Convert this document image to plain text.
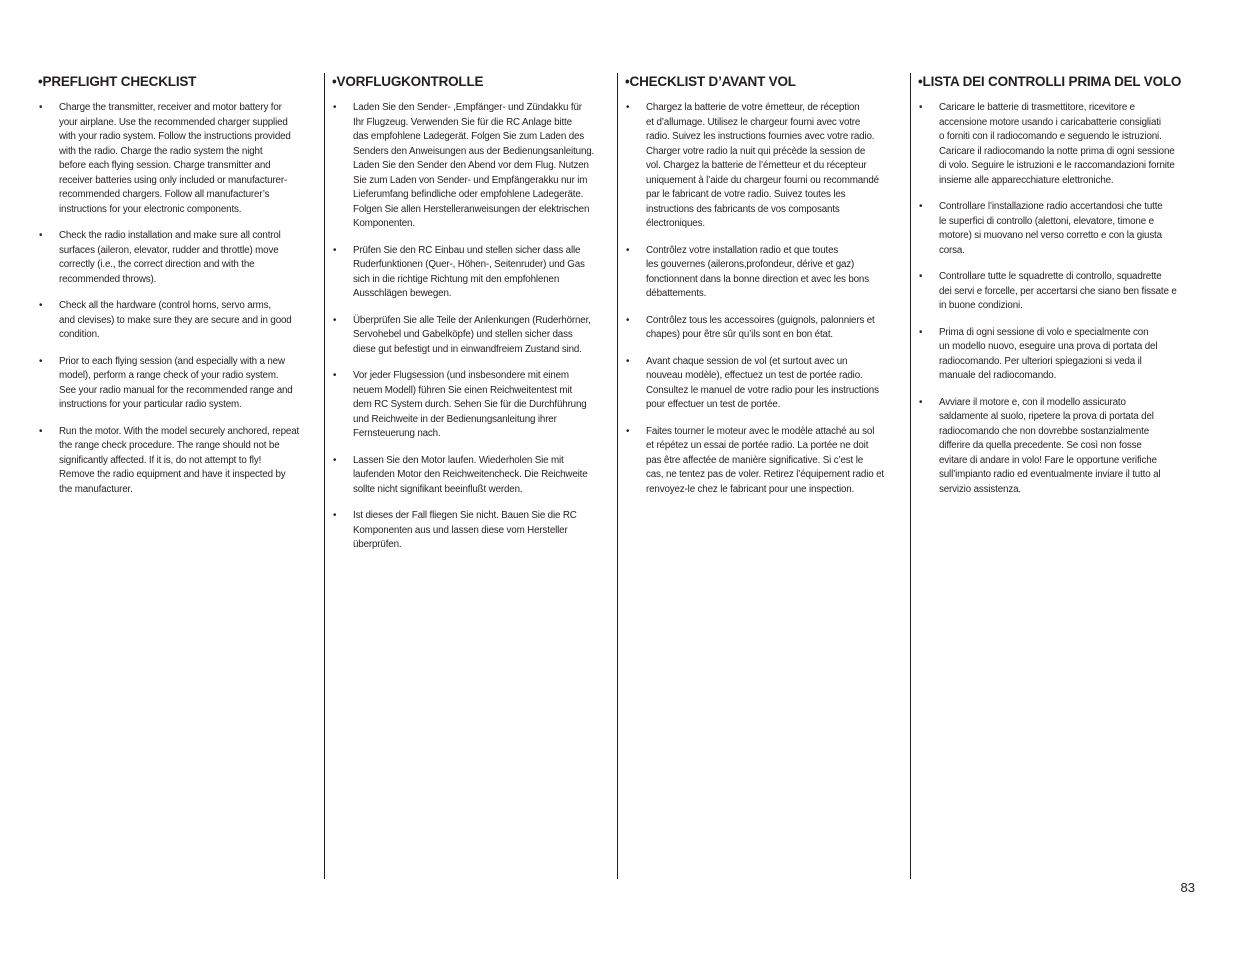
•PREFLIGHT CHECKLIST
• Charge the transmitter, receiver and motor battery for
your airplane. Use the recommended charger supplied
with your radio system. Follow the instructions provided
with the radio. Charge the radio system the night
before each flying session. Charge transmitter and
receiver batteries using only included or manufacturer-
recommended chargers. Follow all manufacturer’s
instructions for your electronic components.
• Check the radio installation and make sure all control
surfaces (aileron, elevator, rudder and throttle) move
correctly (i.e., the correct direction and with the
recommended throws).
• Check all the hardware (control horns, servo arms,
and clevises) to make sure they are secure and in good
condition.
• Prior to each flying session (and especially with a new
model), perform a range check of your radio system.
See your radio manual for the recommended range and
instructions for your particular radio system.
• Run the motor. With the model securely anchored, repeat
the range check procedure. The range should not be
significantly affected. If it is, do not attempt to fly!
Remove the radio equipment and have it inspected by
the manufacturer.
•VORFLUGKONTROLLE
• Laden Sie den Sender- ,Empfänger- und Zündakku für
Ihr Flugzeug. Verwenden Sie für die RC Anlage bitte
das empfohlene Ladegerät. Folgen Sie zum Laden des
Senders den Anweisungen aus der Bedienungsanleitung.
Laden Sie den Sender den Abend vor dem Flug. Nutzen
Sie zum Laden von Sender- und Empfängerakku nur im
Lieferumfang befindliche oder empfohlene Ladegeräte.
Folgen Sie allen Herstelleranweisungen der elektrischen
Komponenten.
• Prüfen Sie den RC Einbau und stellen sicher dass alle
Ruderfunktionen (Quer-, Höhen-, Seitenruder) und Gas
sich in die richtige Richtung mit den empfohlenen
Ausschlägen bewegen.
• Überprüfen Sie alle Teile der Anlenkungen (Ruderhörner,
Servohebel und Gabelköpfe) und stellen sicher dass
diese gut befestigt und in einwandfreiem Zustand sind.
• Vor jeder Flugsession (und insbesondere mit einem
neuem Modell) führen Sie einen Reichweitentest mit
dem RC System durch. Sehen Sie für die Durchführung
und Reichweite in der Bedienungsanleitung ihrer
Fernsteuerung nach.
• Lassen Sie den Motor laufen. Wiederholen Sie mit
laufenden Motor den Reichweitencheck. Die Reichweite
sollte nicht signifikant beeinflußt werden.
• Ist dieses der Fall fliegen Sie nicht. Bauen Sie die RC
Komponenten aus und lassen diese vom Hersteller
überprüfen.
•CHECKLIST D’AVANT VOL
• Chargez la batterie de votre émetteur, de réception
et d’allumage. Utilisez le chargeur fourni avec votre
radio. Suivez les instructions fournies avec votre radio.
Charger votre radio la nuit qui précède la session de
vol. Chargez la batterie de l’émetteur et du récepteur
uniquement à l’aide du chargeur fourni ou recommandé
par le fabricant de votre radio. Suivez toutes les
instructions des fabricants de vos composants
électroniques.
• Contrôlez votre installation radio et que toutes
les gouvernes (ailerons,profondeur, dérive et gaz)
fonctionnent dans la bonne direction et avec les bons
débattements.
• Contrôlez tous les accessoires (guignols, palonniers et
chapes) pour être sûr qu’ils sont en bon état.
• Avant chaque session de vol (et surtout avec un
nouveau modèle), effectuez un test de portée radio.
Consultez le manuel de votre radio pour les instructions
pour effectuer un test de portée.
• Faites tourner le moteur avec le modèle attaché au sol
et répétez un essai de portée radio. La portée ne doit
pas être affectée de manière significative. Si c’est le
cas, ne tentez pas de voler. Retirez l’équipement radio et
renvoyez-le chez le fabricant pour une inspection.
•LISTA DEI CONTROLLI PRIMA DEL VOLO
• Caricare le batterie di trasmettitore, ricevitore e
accensione motore usando i caricabatterie consigliati
o forniti con il radiocomando e seguendo le istruzioni.
Caricare il radiocomando la notte prima di ogni sessione
di volo. Seguire le istruzioni e le raccomandazioni fornite
insieme alle apparecchiature elettroniche.
• Controllare l’installazione radio accertandosi che tutte
le superfici di controllo (alettoni, elevatore, timone e
motore) si muovano nel verso corretto e con la giusta
corsa.
• Controllare tutte le squadrette di controllo, squadrette
dei servi e forcelle, per accertarsi che siano ben fissate e
in buone condizioni.
• Prima di ogni sessione di volo e specialmente con
un modello nuovo, eseguire una prova di portata del
radiocomando. Per ulteriori spiegazioni si veda il
manuale del radiocomando.
• Avviare il motore e, con il modello assicurato
saldamente al suolo, ripetere la prova di portata del
radiocomando che non dovrebbe sostanzialmente
differire da quella precedente. Se così non fosse
evitare di andare in volo! Fare le opportune verifiche
sull’impianto radio ed eventualmente inviare il tutto al
servizio assistenza.
83
